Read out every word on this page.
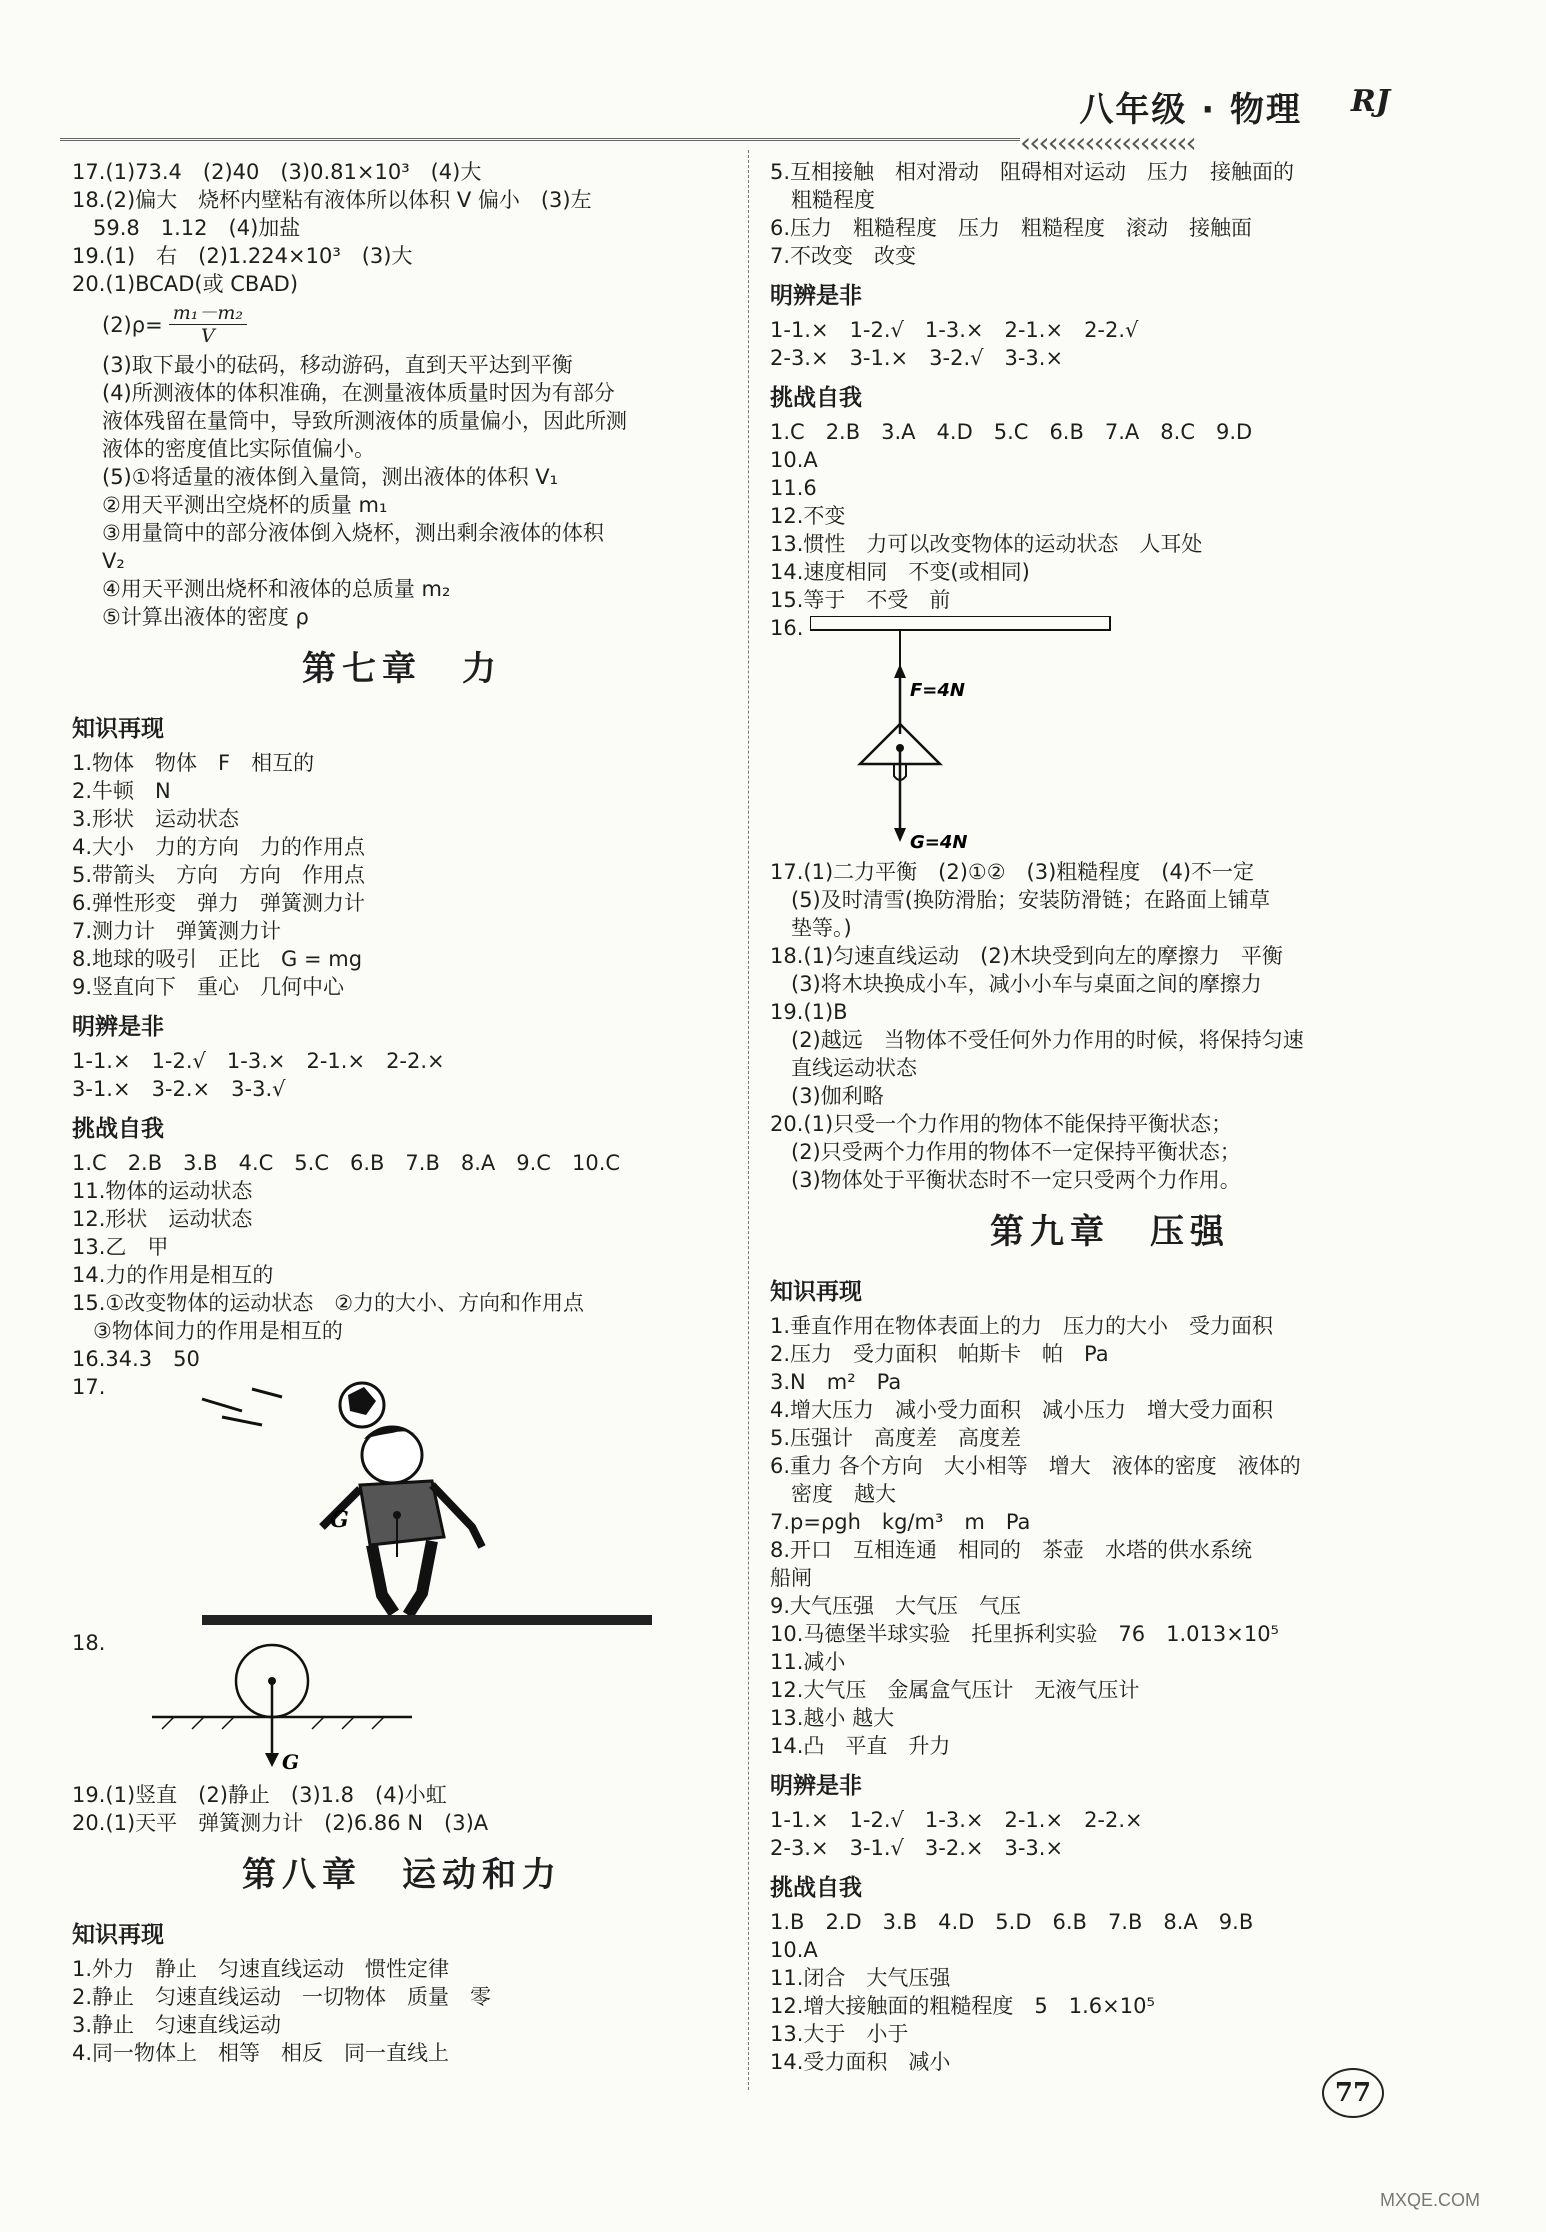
八年级 · 物理 RJ
‹‹‹‹‹‹‹‹‹‹‹‹‹‹‹‹‹‹‹
17.(1)73.4　(2)40　(3)0.81×10³　(4)大
18.(2)偏大　烧杯内壁粘有液体所以体积 V 偏小　(3)左
　59.8　1.12　(4)加盐
19.(1)　右　(2)1.224×10³　(3)大
20.(1)BCAD(或 CBAD)
$(2)\rho= \frac{\text{m₁－m₂}}{V}$
(3)取下最小的砝码，移动游码，直到天平达到平衡
(4)所测液体的体积准确，在测量液体质量时因为有部分
液体残留在量筒中，导致所测液体的质量偏小，因此所测
液体的密度值比实际值偏小。
(5)①将适量的液体倒入量筒，测出液体的体积 V₁
②用天平测出空烧杯的质量 m₁
③用量筒中的部分液体倒入烧杯，测出剩余液体的体积
V₂
④用天平测出烧杯和液体的总质量 m₂
⑤计算出液体的密度 ρ
第七章　力
知识再现
1.物体　物体　F　相互的
2.牛顿　N
3.形状　运动状态
4.大小　力的方向　力的作用点
5.带箭头　方向　方向　作用点
6.弹性形变　弹力　弹簧测力计
7.测力计　弹簧测力计
8.地球的吸引　正比　G = mg
9.竖直向下　重心　几何中心
明辨是非
1-1.×　1-2.√　1-3.×　2-1.×　2-2.×
3-1.×　3-2.×　3-3.√
挑战自我
1.C　2.B　3.B　4.C　5.C　6.B　7.B　8.A　9.C　10.C
11.物体的运动状态
12.形状　运动状态
13.乙　甲
14.力的作用是相互的
15.①改变物体的运动状态　②力的大小、方向和作用点
　③物体间力的作用是相互的
16.34.3　50
17.
G
18.
G
19.(1)竖直　(2)静止　(3)1.8　(4)小虹
20.(1)天平　弹簧测力计　(2)6.86 N　(3)A
第八章　运动和力
知识再现
1.外力　静止　匀速直线运动　惯性定律
2.静止　匀速直线运动　一切物体　质量　零
3.静止　匀速直线运动
4.同一物体上　相等　相反　同一直线上
5.互相接触　相对滑动　阻碍相对运动　压力　接触面的
　粗糙程度
6.压力　粗糙程度　压力　粗糙程度　滚动　接触面
7.不改变　改变
明辨是非
1-1.×　1-2.√　1-3.×　2-1.×　2-2.√
2-3.×　3-1.×　3-2.√　3-3.×
挑战自我
1.C　2.B　3.A　4.D　5.C　6.B　7.A　8.C　9.D
10.A
11.6
12.不变
13.惯性　力可以改变物体的运动状态　人耳处
14.速度相同　不变(或相同)
15.等于　不受　前
16.
F=4N
G=4N
17.(1)二力平衡　(2)①②　(3)粗糙程度　(4)不一定
　(5)及时清雪(换防滑胎；安装防滑链；在路面上铺草
　垫等。)
18.(1)匀速直线运动　(2)木块受到向左的摩擦力　平衡
　(3)将木块换成小车，减小小车与桌面之间的摩擦力
19.(1)B
　(2)越远　当物体不受任何外力作用的时候，将保持匀速
　直线运动状态
　(3)伽利略
20.(1)只受一个力作用的物体不能保持平衡状态；
　(2)只受两个力作用的物体不一定保持平衡状态；
　(3)物体处于平衡状态时不一定只受两个力作用。
第九章　压强
知识再现
1.垂直作用在物体表面上的力　压力的大小　受力面积
2.压力　受力面积　帕斯卡　帕　Pa
3.N　m²　Pa
4.增大压力　减小受力面积　减小压力　增大受力面积
5.压强计　高度差　高度差
6.重力 各个方向　大小相等　增大　液体的密度　液体的
　密度　越大
7.p=ρgh　kg/m³　m　Pa
8.开口　互相连通　相同的　茶壶　水塔的供水系统
船闸
9.大气压强　大气压　气压
10.马德堡半球实验　托里拆利实验　76　1.013×10⁵
11.减小
12.大气压　金属盒气压计　无液气压计
13.越小 越大
14.凸　平直　升力
明辨是非
1-1.×　1-2.√　1-3.×　2-1.×　2-2.×
2-3.×　3-1.√　3-2.×　3-3.×
挑战自我
1.B　2.D　3.B　4.D　5.D　6.B　7.B　8.A　9.B
10.A
11.闭合　大气压强
12.增大接触面的粗糙程度　5　1.6×10⁵
13.大于　小于
14.受力面积　减小
77
MXQE.COM
